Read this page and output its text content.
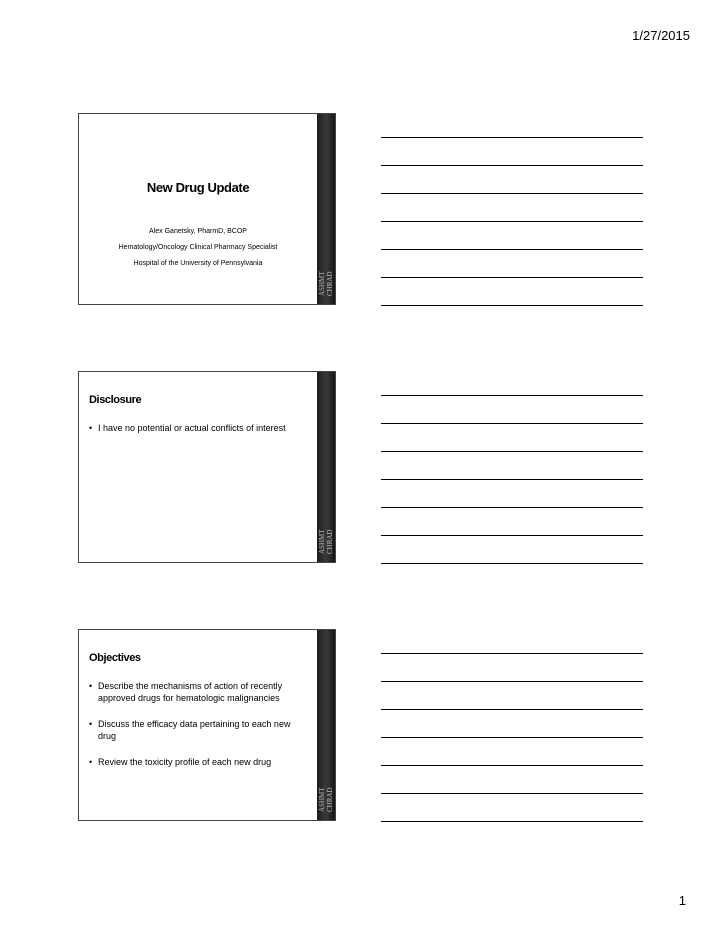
1/27/2015
New Drug Update
Alex Ganetsky, PharmD, BCOP
Hematology/Oncology Clinical Pharmacy Specialist
Hospital of the University of Pennsylvania
ASHMT
CHRAD
Disclosure
• I have no potential or actual conflicts of interest
ASHMT
CHRAD
Objectives
• Describe the mechanisms of action of recently approved drugs for hematologic malignancies
• Discuss the efficacy data pertaining to each new drug
• Review the toxicity profile of each new drug
ASHMT
CHRAD
1
